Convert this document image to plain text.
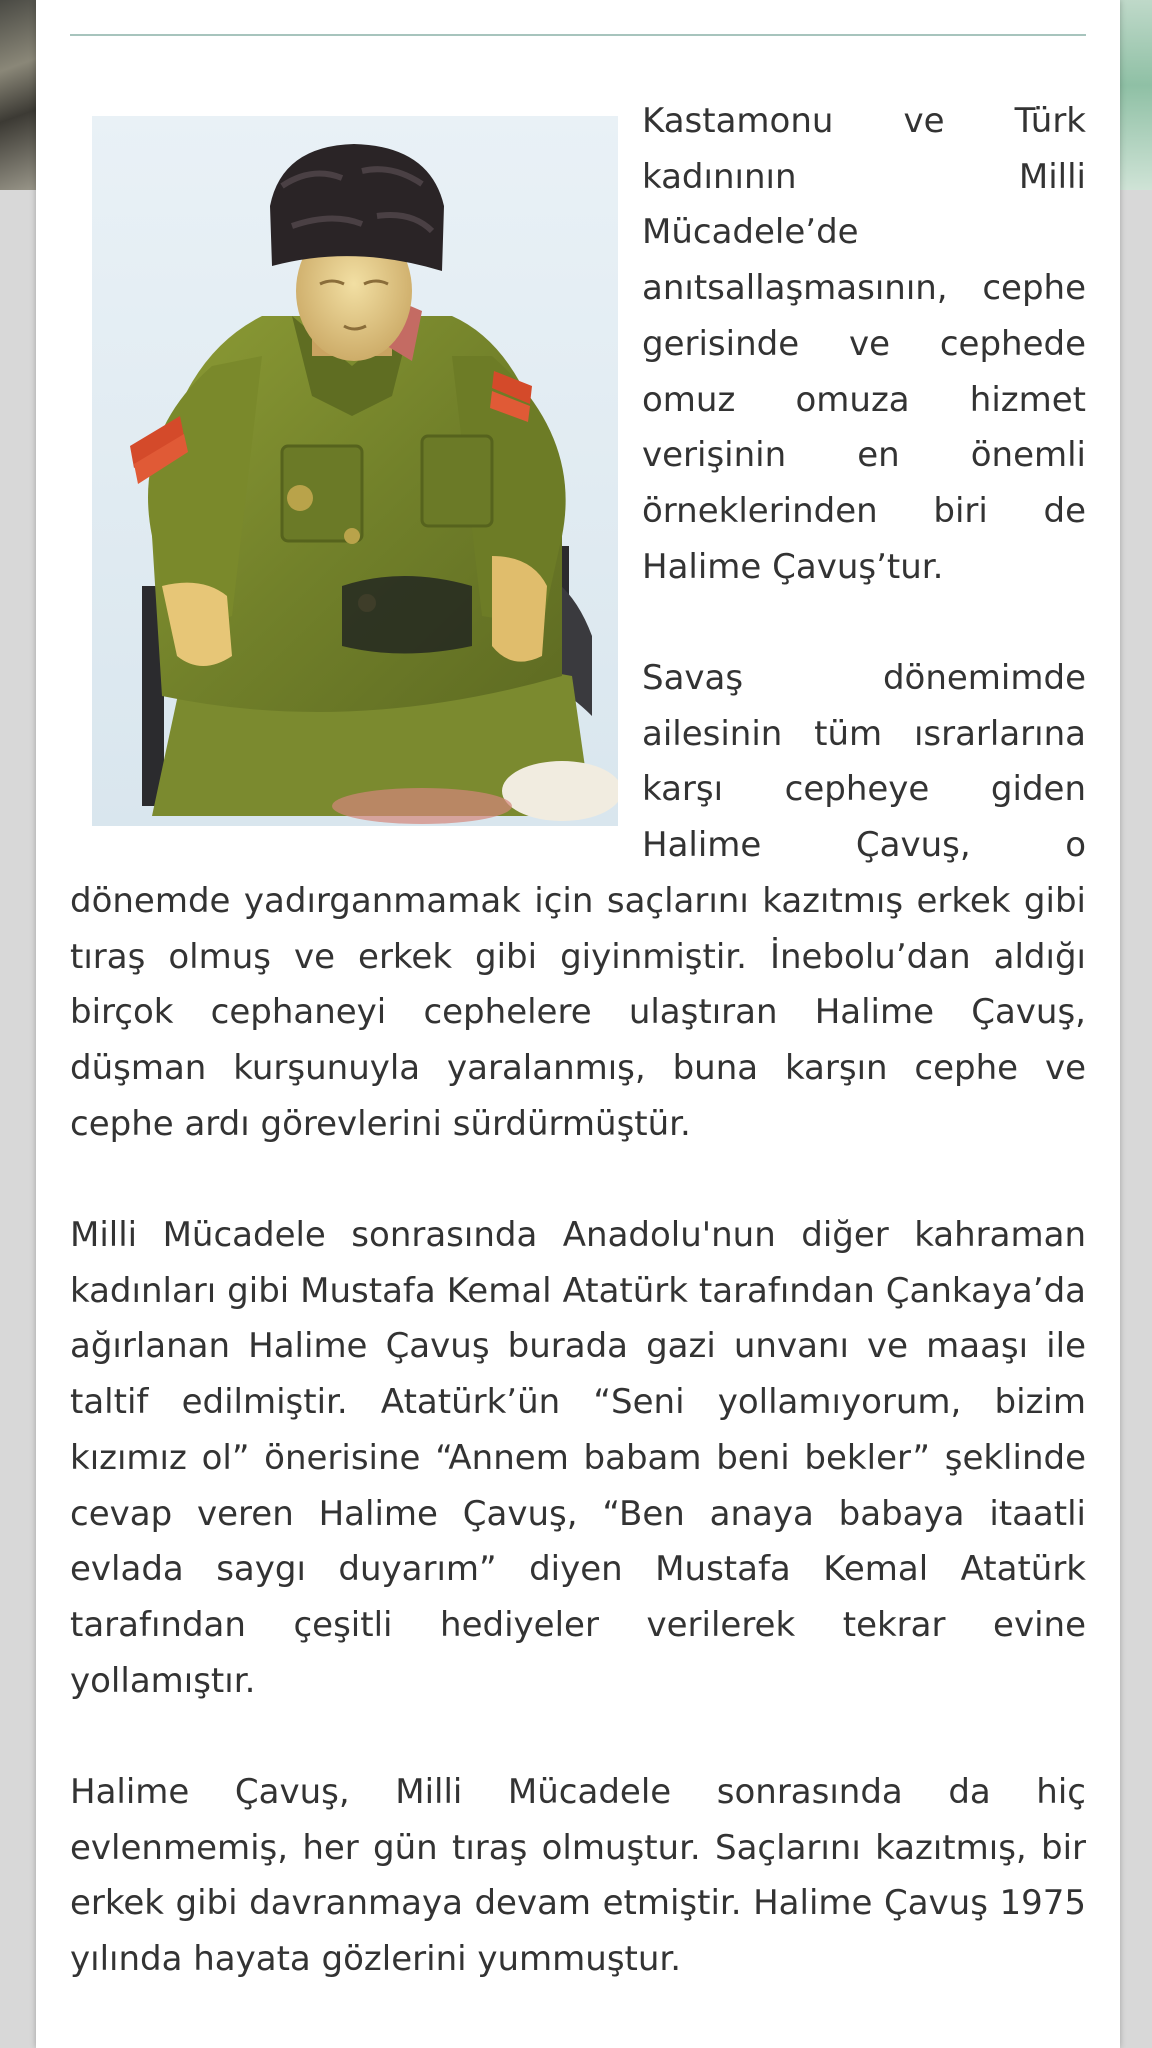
Kastamonu ve Türk kadınının Milli Mücadele’de anıtsallaşmasının, cephe gerisinde ve cephede omuz omuza hizmet verişinin en önemli örneklerinden biri de Halime Çavuş’tur.

Savaş dönemimde ailesinin tüm ısrarlarına karşı cepheye giden Halime Çavuş, o dönemde yadırganmamak için saçlarını kazıtmış erkek gibi tıraş olmuş ve erkek gibi giyinmiştir. İnebolu’dan aldığı birçok cephaneyi cephelere ulaştıran Halime Çavuş, düşman kurşunuyla yaralanmış, buna karşın cephe ve cephe ardı görevlerini sürdürmüştür.

Milli Mücadele sonrasında Anadolu'nun diğer kahraman kadınları gibi Mustafa Kemal Atatürk tarafından Çankaya’da ağırlanan Halime Çavuş burada gazi unvanı ve maaşı ile taltif edilmiştir. Atatürk’ün “Seni yollamıyorum, bizim kızımız ol” önerisine “Annem babam beni bekler” şeklinde cevap veren Halime Çavuş, “Ben anaya babaya itaatli evlada saygı duyarım” diyen Mustafa Kemal Atatürk tarafından çeşitli hediyeler verilerek tekrar evine yollamıştır.

Halime Çavuş, Milli Mücadele sonrasında da hiç evlenmemiş, her gün tıraş olmuştur. Saçlarını kazıtmış, bir erkek gibi davranmaya devam etmiştir. Halime Çavuş 1975 yılında hayata gözlerini yummuştur.
